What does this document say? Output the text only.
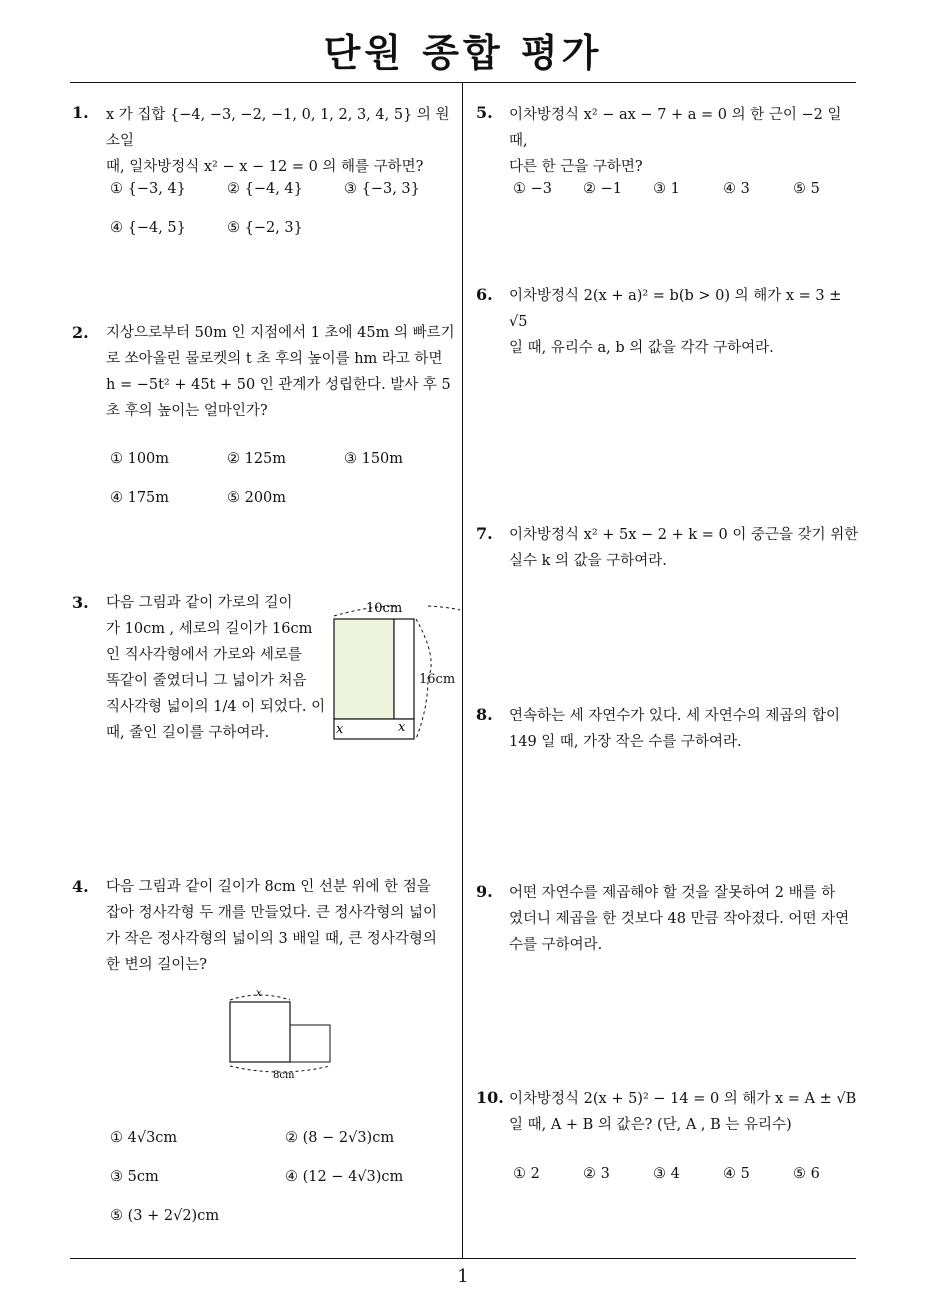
단원 종합 평가
1. x 가 집합 {−4, −3, −2, −1, 0, 1, 2, 3, 4, 5} 의 원소일
때, 일차방정식 x² − x − 12 = 0 의 해를 구하면?
① {−3, 4}	② {−4, 4}	③ {−3, 3}
④ {−4, 5}	⑤ {−2, 3}
2. 지상으로부터 50m 인 지점에서 1 초에 45m 의 빠르기
로 쏘아올린 물로켓의 t 초 후의 높이를 hm 라고 하면
h = −5t² + 45t + 50 인 관계가 성립한다. 발사 후 5
초 후의 높이는 얼마인가?
① 100m	② 125m	③ 150m
④ 175m	⑤ 200m
3. 다음 그림과 같이 가로의 길이
가 10cm , 세로의 길이가 16cm
인 직사각형에서 가로와 세로를
똑같이 줄였더니 그 넓이가 처음
직사각형 넓이의 1/4 이 되었다. 이
때, 줄인 길이를 구하여라.
10cm
16cm
x	x
4. 다음 그림과 같이 길이가 8cm 인 선분 위에 한 점을
잡아 정사각형 두 개를 만들었다. 큰 정사각형의 넓이
가 작은 정사각형의 넓이의 3 배일 때, 큰 정사각형의
한 변의 길이는?
x
8cm
① 4√3cm	② (8 − 2√3)cm
③ 5cm	④ (12 − 4√3)cm
⑤ (3 + 2√2)cm
5. 이차방정식 x² − ax − 7 + a = 0 의 한 근이 −2 일 때,
다른 한 근을 구하면?
① −3 ② −1 ③ 1	④ 3	⑤ 5
6. 이차방정식 2(x + a)² = b(b > 0) 의 해가 x = 3 ± √5
일 때, 유리수 a, b 의 값을 각각 구하여라.
7. 이차방정식 x² + 5x − 2 + k = 0 이 중근을 갖기 위한
실수 k 의 값을 구하여라.
8. 연속하는 세 자연수가 있다. 세 자연수의 제곱의 합이
149 일 때, 가장 작은 수를 구하여라.
9. 어떤 자연수를 제곱해야 할 것을 잘못하여 2 배를 하
였더니 제곱을 한 것보다 48 만큼 작아졌다. 어떤 자연
수를 구하여라.
10. 이차방정식 2(x + 5)² − 14 = 0 의 해가 x = A ± √B
일 때, A + B 의 값은? (단, A , B 는 유리수)
① 2	② 3	③ 4	④ 5	⑤ 6
1
